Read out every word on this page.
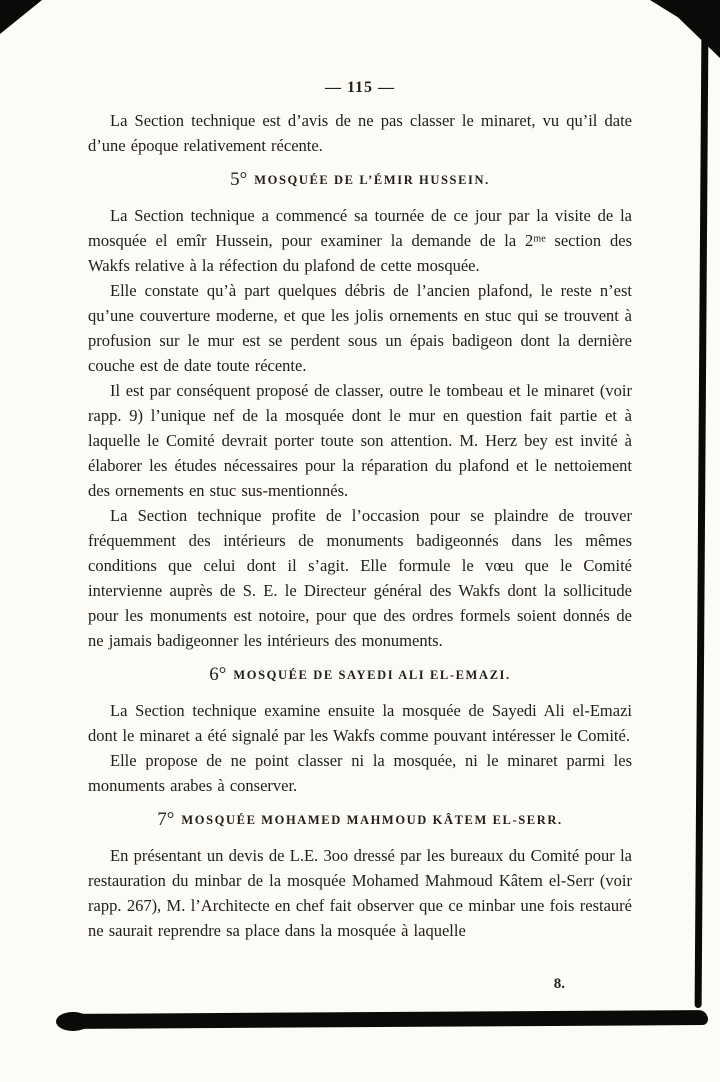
— 115 —

La Section technique est d’avis de ne pas classer le minaret, vu qu’il date d’une époque relativement récente.

5° MOSQUÉE DE L’ÉMIR HUSSEIN.

La Section technique a commencé sa tournée de ce jour par la visite de la mosquée el emîr Hussein, pour examiner la demande de la 2ᵐᵉ section des Wakfs relative à la réfection du plafond de cette mosquée.

Elle constate qu’à part quelques débris de l’ancien plafond, le reste n’est qu’une couverture moderne, et que les jolis ornements en stuc qui se trouvent à profusion sur le mur est se perdent sous un épais badigeon dont la dernière couche est de date toute récente.

Il est par conséquent proposé de classer, outre le tombeau et le minaret (voir rapp. 9) l’unique nef de la mosquée dont le mur en question fait partie et à laquelle le Comité devrait porter toute son attention. M. Herz bey est invité à élaborer les études nécessaires pour la réparation du plafond et le nettoiement des ornements en stuc sus-mentionnés.

La Section technique profite de l’occasion pour se plaindre de trouver fréquemment des intérieurs de monuments badigeonnés dans les mêmes conditions que celui dont il s’agit. Elle formule le vœu que le Comité intervienne auprès de S. E. le Directeur général des Wakfs dont la sollicitude pour les monuments est notoire, pour que des ordres formels soient donnés de ne jamais badigeonner les intérieurs des monuments.

6° MOSQUÉE DE SAYEDI ALI EL-EMAZI.

La Section technique examine ensuite la mosquée de Sayedi Ali el-Emazi dont le minaret a été signalé par les Wakfs comme pouvant intéresser le Comité.

Elle propose de ne point classer ni la mosquée, ni le minaret parmi les monuments arabes à conserver.

7° MOSQUÉE MOHAMED MAHMOUD KÂTEM EL-SERR.

En présentant un devis de L.E. 3oo dressé par les bureaux du Comité pour la restauration du minbar de la mosquée Mohamed Mahmoud Kâtem el-Serr (voir rapp. 267), M. l’Architecte en chef fait observer que ce minbar une fois restauré ne saurait reprendre sa place dans la mosquée à laquelle

8.
